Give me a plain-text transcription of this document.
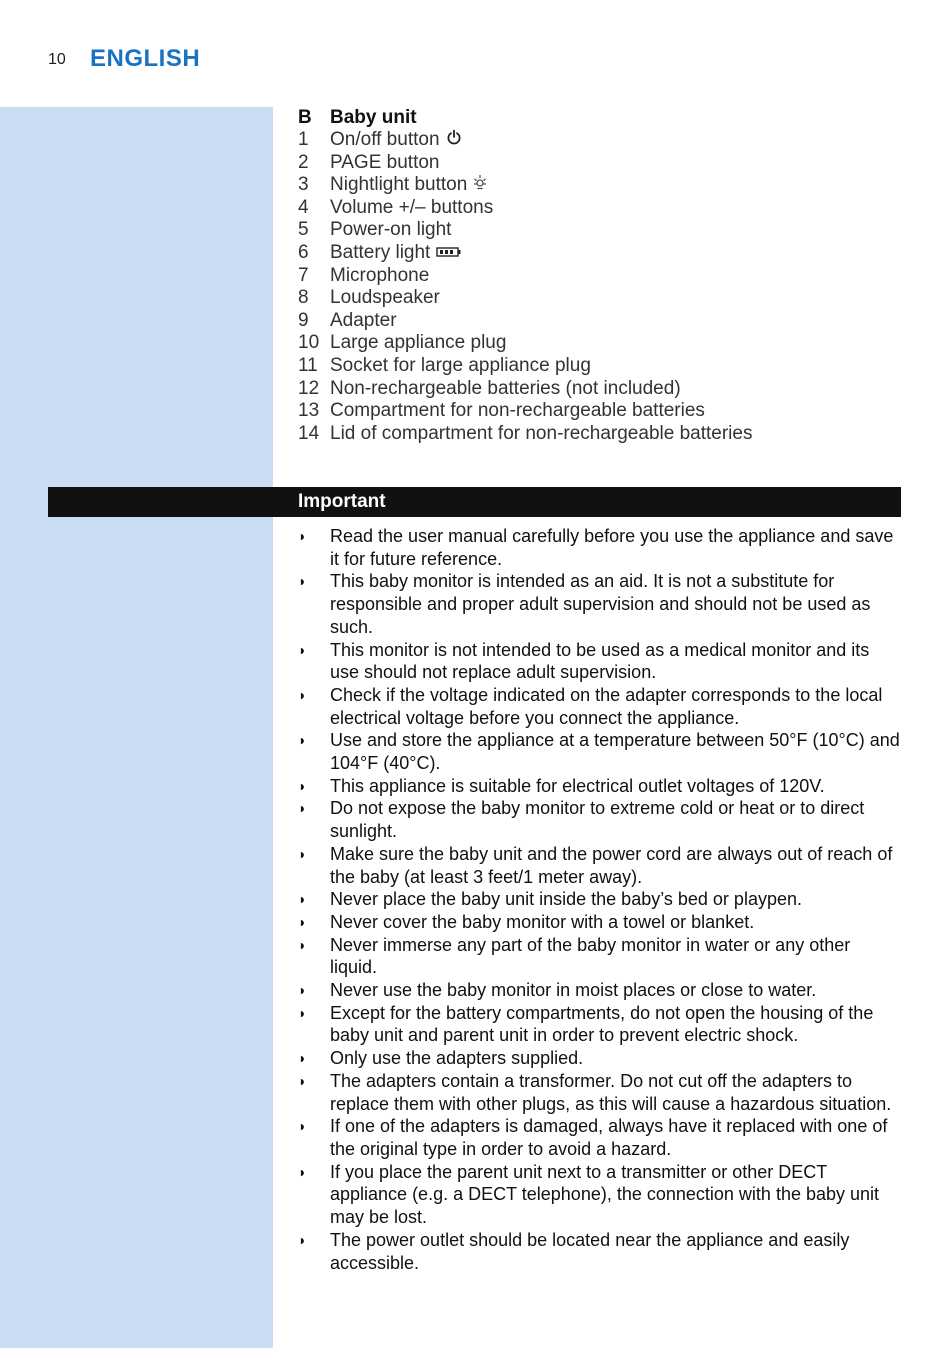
10 ENGLISH
B Baby unit
1	On/off button
2	PAGE button
3	Nightlight button
4	Volume +/– buttons
5	Power-on light
6	Battery light
7	Microphone
8	Loudspeaker
9	Adapter
10 Large appliance plug
11 Socket for large appliance plug
12 Non-rechargeable batteries (not included)
13 Compartment for non-rechargeable batteries
14 Lid of compartment for non-rechargeable batteries
Important
◗	Read the user manual carefully before you use the appliance and save it for future reference.
◗	This baby monitor is intended as an aid. It is not a substitute for responsible and proper adult supervision and should not be used as such.
◗	This monitor is not intended to be used as a medical monitor and its use should not replace adult supervision.
◗	Check if the voltage indicated on the adapter corresponds to the local electrical voltage before you connect the appliance.
◗	Use and store the appliance at a temperature between 50°F (10°C) and 104°F (40°C).
◗	This appliance is suitable for electrical outlet voltages of 120V.
◗	Do not expose the baby monitor to extreme cold or heat or to direct sunlight.
◗	Make sure the baby unit and the power cord are always out of reach of the baby (at least 3 feet/1 meter away).
◗	Never place the baby unit inside the baby’s bed or playpen.
◗	Never cover the baby monitor with a towel or blanket.
◗	Never immerse any part of the baby monitor in water or any other liquid.
◗	Never use the baby monitor in moist places or close to water.
◗	Except for the battery compartments, do not open the housing of the baby unit and parent unit in order to prevent electric shock.
◗	Only use the adapters supplied.
◗	The adapters contain a transformer. Do not cut off the adapters to replace them with other plugs, as this will cause a hazardous situation.
◗	If one of the adapters is damaged, always have it replaced with one of the original type in order to avoid a hazard.
◗	If you place the parent unit next to a transmitter or other DECT appliance (e.g. a DECT telephone), the connection with the baby unit may be lost.
◗	The power outlet should be located near the appliance and easily accessible.
